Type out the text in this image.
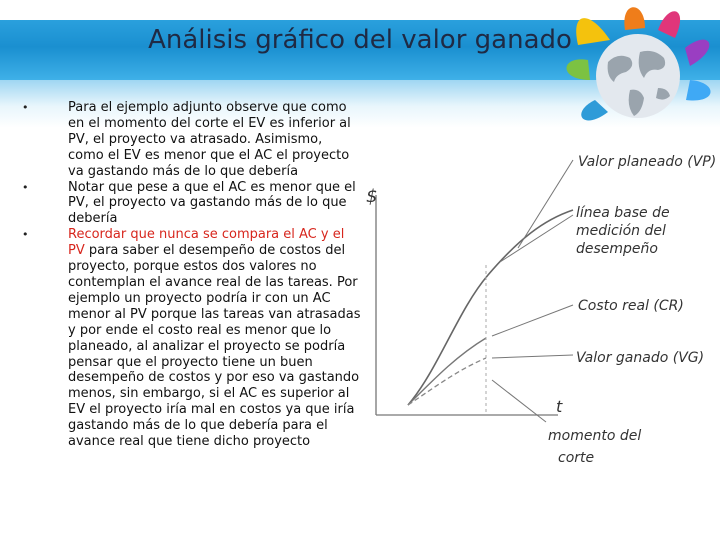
Análisis gráfico del valor ganado
•	Para el ejemplo adjunto observe que como en el momento del corte el EV es inferior al PV, el proyecto va atrasado. Asimismo, como el EV es menor que el AC el proyecto va gastando más de lo que debería
•	Notar que pese a que el AC es menor que el PV, el proyecto va gastando más de lo que debería
•	Recordar que nunca se compara el AC y el PV para saber el desempeño de costos del proyecto, porque estos dos valores no contemplan el avance real de las tareas. Por ejemplo un proyecto podría ir con un AC menor al PV porque las tareas van atrasadas y por ende el costo real es menor que lo planeado, al analizar el proyecto se podría pensar que el proyecto tiene un buen desempeño de costos y por eso va gastando menos, sin embargo, si el AC es superior al EV el proyecto iría mal en costos ya que iría gastando más de lo que debería para el avance real que tiene dicho proyecto
$
t
Valor planeado (VP)
línea base de
medición del
desempeño
Costo real (CR)
Valor ganado (VG)
momento del
corte
